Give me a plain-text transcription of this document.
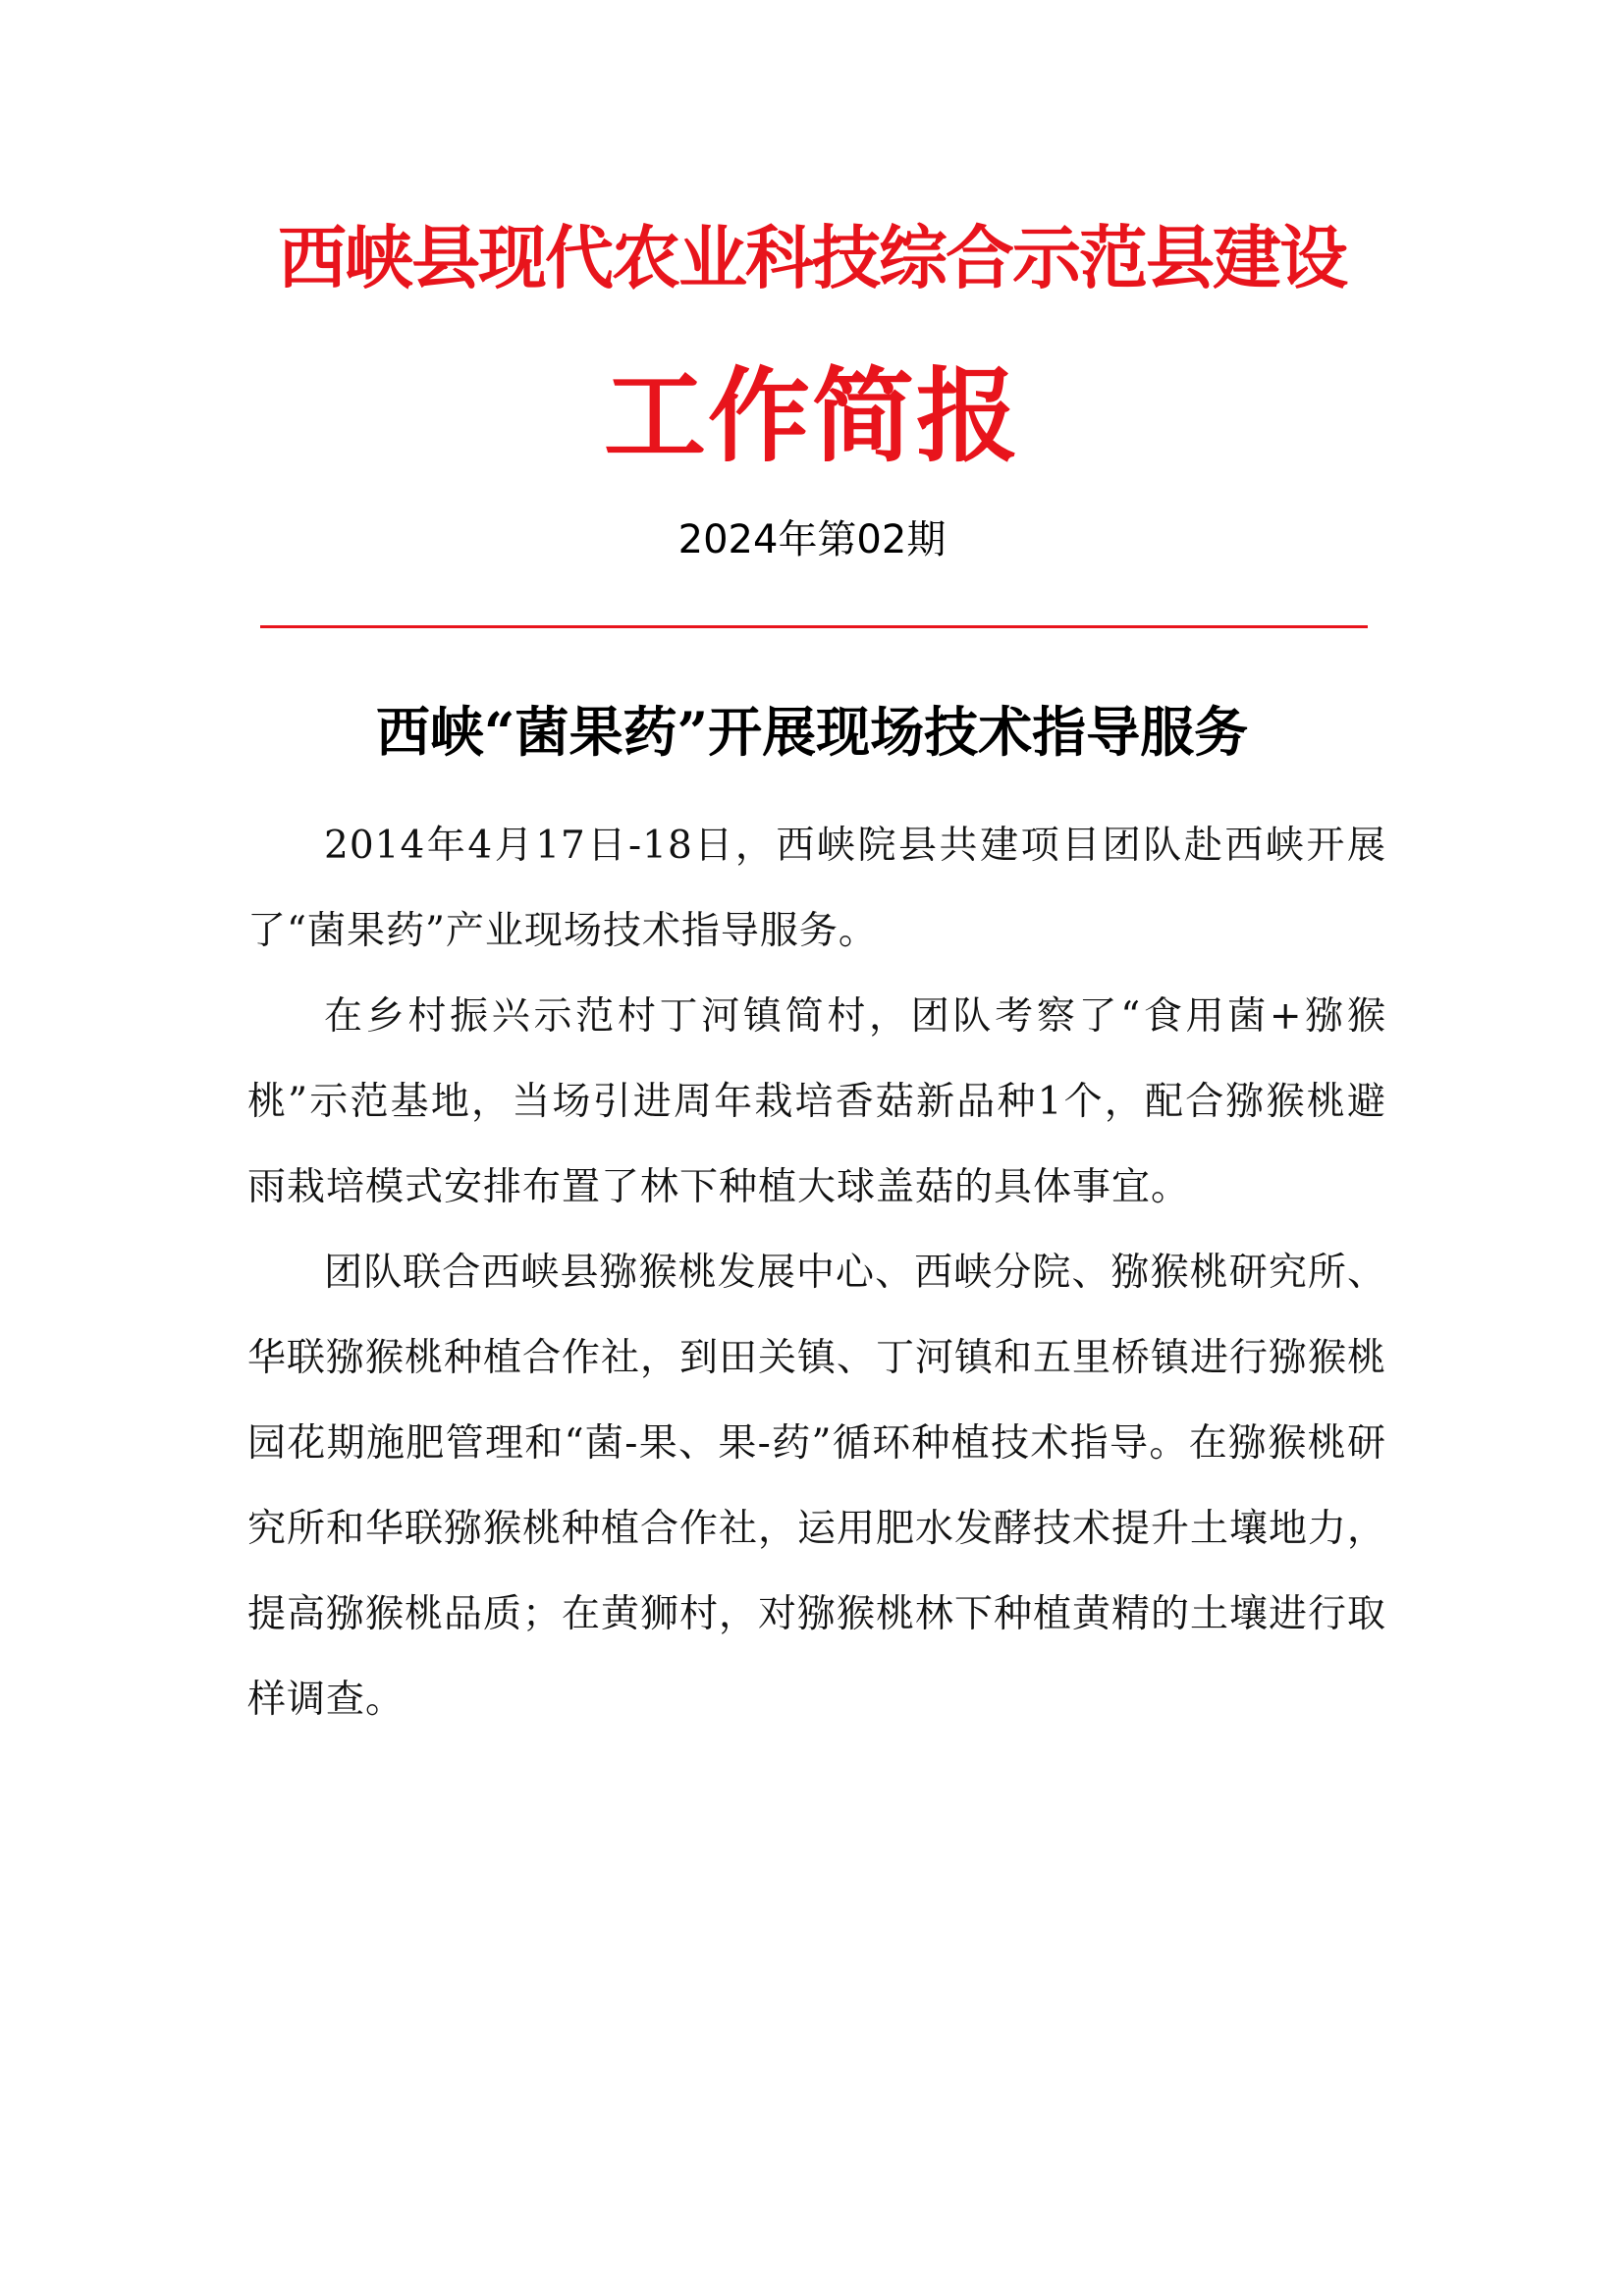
西峡县现代农业科技综合示范县建设
工作简报
2024年第02期
西峡“菌果药”开展现场技术指导服务

2014年4月17日-18日，西峡院县共建项目团队赴西峡开展了“菌果药”产业现场技术指导服务。

在乡村振兴示范村丁河镇简村，团队考察了“食用菌+猕猴桃”示范基地，当场引进周年栽培香菇新品种1个，配合猕猴桃避雨栽培模式安排布置了林下种植大球盖菇的具体事宜。

团队联合西峡县猕猴桃发展中心、西峡分院、猕猴桃研究所、华联猕猴桃种植合作社，到田关镇、丁河镇和五里桥镇进行猕猴桃园花期施肥管理和“菌-果、果-药”循环种植技术指导。在猕猴桃研究所和华联猕猴桃种植合作社，运用肥水发酵技术提升土壤地力，提高猕猴桃品质；在黄狮村，对猕猴桃林下种植黄精的土壤进行取样调查。
